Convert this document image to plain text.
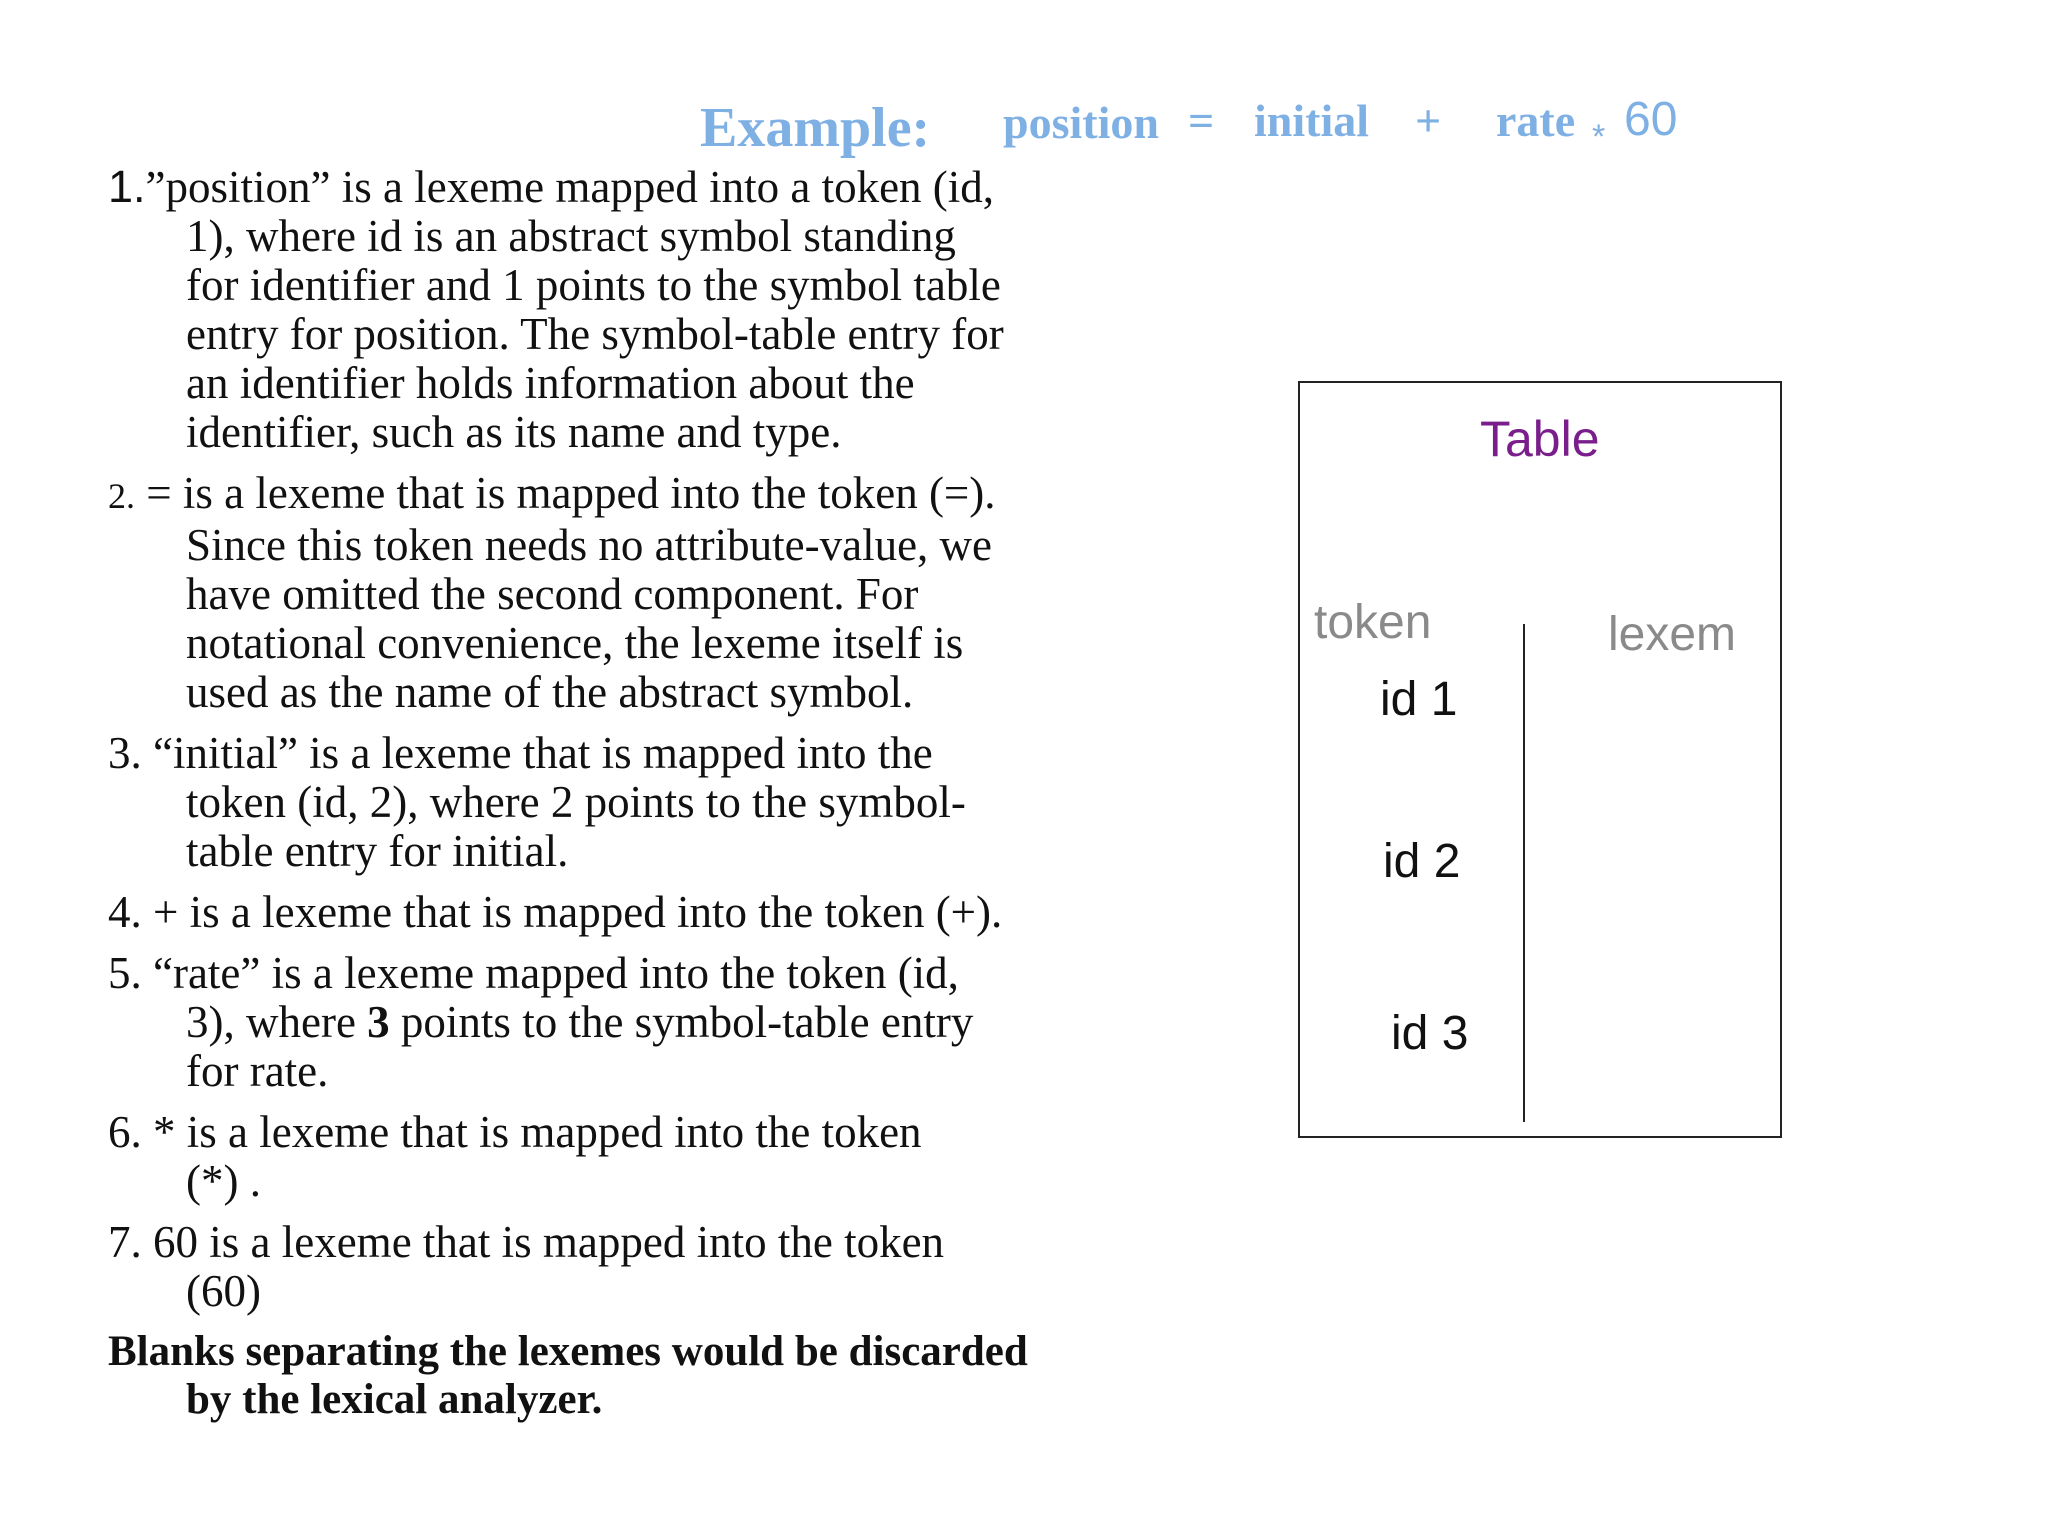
Example: position = initial + rate * 60
1.”position” is a lexeme mapped into a token (id,
1), where id is an abstract symbol standing
for identifier and 1 points to the symbol table
entry for position. The symbol-table entry for
an identifier holds information about the
identifier, such as its name and type.
2. = is a lexeme that is mapped into the token (=).
Since this token needs no attribute-value, we
have omitted the second component. For
notational convenience, the lexeme itself is
used as the name of the abstract symbol.
3. “initial” is a lexeme that is mapped into the
token (id, 2), where 2 points to the symbol-
table entry for initial.
4. + is a lexeme that is mapped into the token (+).
5. “rate” is a lexeme mapped into the token (id,
3), where 3 points to the symbol-table entry
for rate.
6. * is a lexeme that is mapped into the token
(*) .
7. 60 is a lexeme that is mapped into the token
(60)
Blanks separating the lexemes would be discarded
by the lexical analyzer.
Table
token	lexem
id 1
id 2
id 3
